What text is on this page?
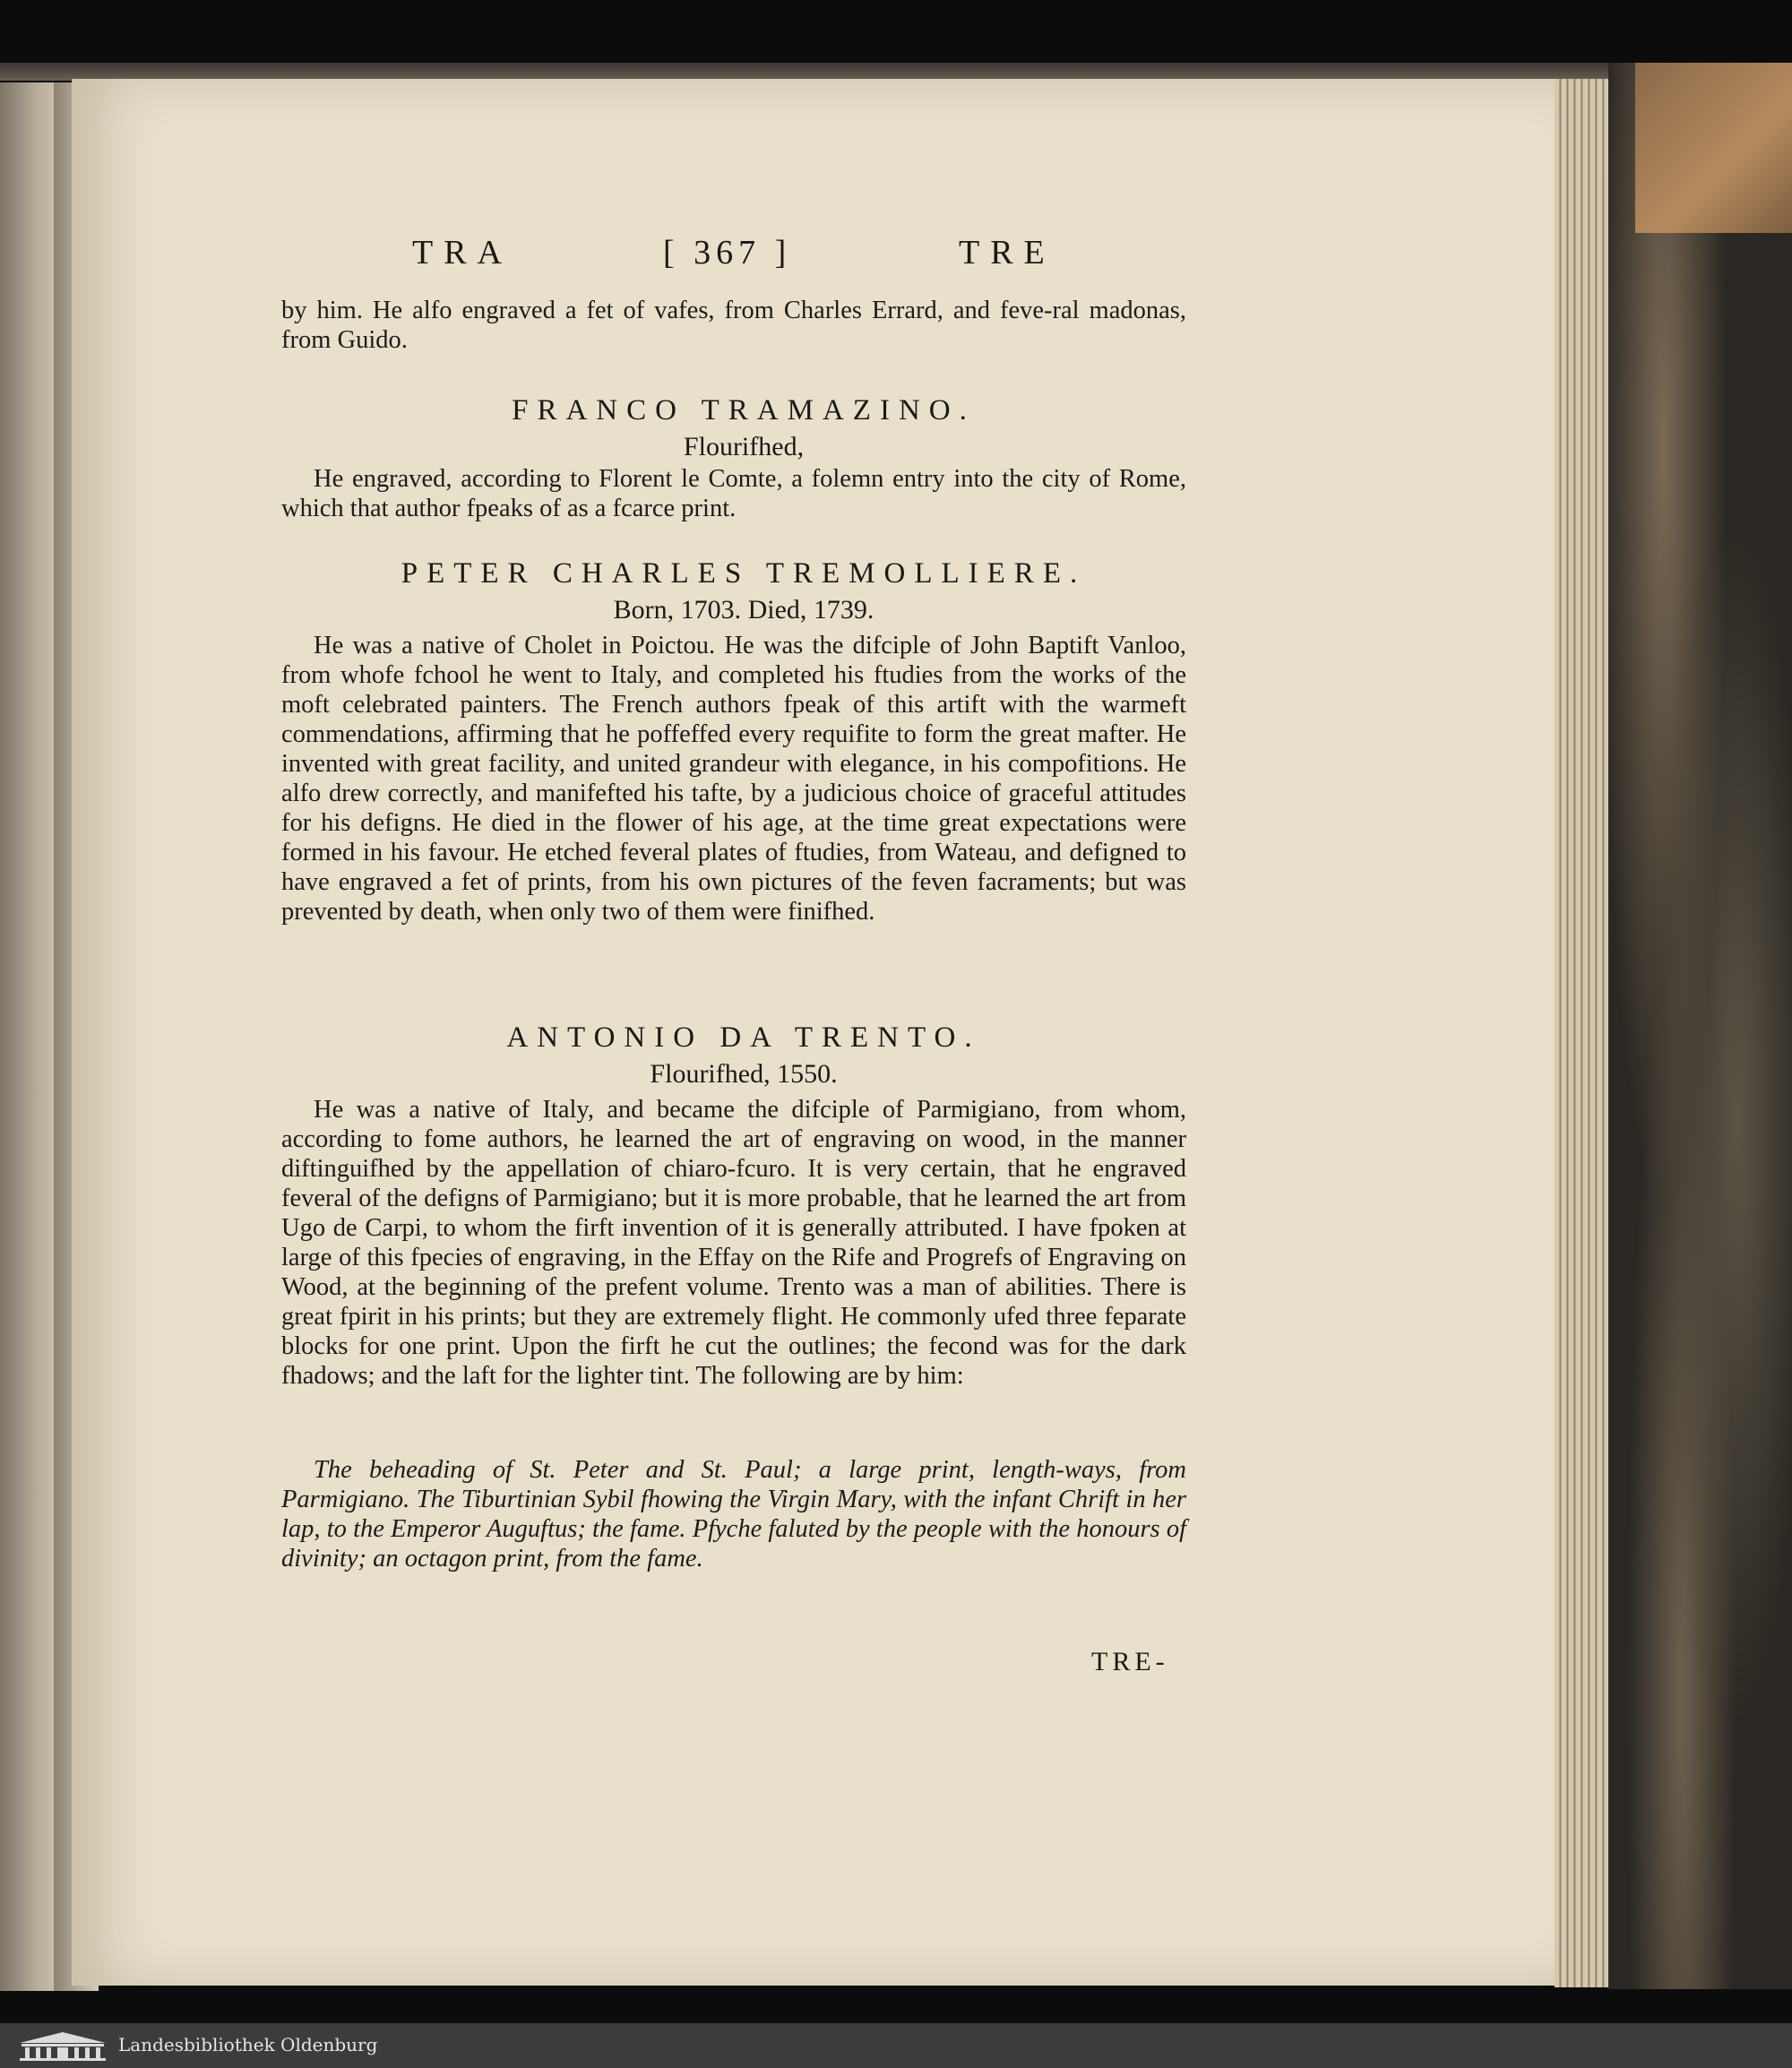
TRA	[ 367 ]	TRE
by him. He alfo engraved a fet of vafes, from Charles Errard, and feve-ral madonas, from Guido.
FRANCO TRAMAZINO.
Flourifhed,
He engraved, according to Florent le Comte, a folemn entry into the city of Rome, which that author fpeaks of as a fcarce print.
PETER CHARLES TREMOLLIERE.
Born, 1703. Died, 1739.
He was a native of Cholet in Poictou. He was the difciple of John Baptift Vanloo, from whofe fchool he went to Italy, and completed his ftudies from the works of the moft celebrated painters. The French authors fpeak of this artift with the warmeft commendations, affirming that he poffeffed every requifite to form the great mafter. He invented with great facility, and united grandeur with elegance, in his compofitions. He alfo drew correctly, and manifefted his tafte, by a judicious choice of graceful attitudes for his defigns. He died in the flower of his age, at the time great expectations were formed in his favour. He etched feveral plates of ftudies, from Wateau, and defigned to have engraved a fet of prints, from his own pictures of the feven facraments; but was prevented by death, when only two of them were finifhed.
ANTONIO DA TRENTO.
Flourifhed, 1550.
He was a native of Italy, and became the difciple of Parmigiano, from whom, according to fome authors, he learned the art of engraving on wood, in the manner diftinguifhed by the appellation of chiaro-fcuro. It is very certain, that he engraved feveral of the defigns of Parmigiano; but it is more probable, that he learned the art from Ugo de Carpi, to whom the firft invention of it is generally attributed. I have fpoken at large of this fpecies of engraving, in the Effay on the Rife and Progrefs of Engraving on Wood, at the beginning of the prefent volume. Trento was a man of abilities. There is great fpirit in his prints; but they are extremely flight. He commonly ufed three feparate blocks for one print. Upon the firft he cut the outlines; the fecond was for the dark fhadows; and the laft for the lighter tint. The following are by him:
The beheading of St. Peter and St. Paul; a large print, length-ways, from Parmigiano. The Tiburtinian Sybil fhowing the Virgin Mary, with the infant Chrift in her lap, to the Emperor Auguftus; the fame. Pfyche faluted by the people with the honours of divinity; an octagon print, from the fame.
TRE-
Landesbibliothek Oldenburg
